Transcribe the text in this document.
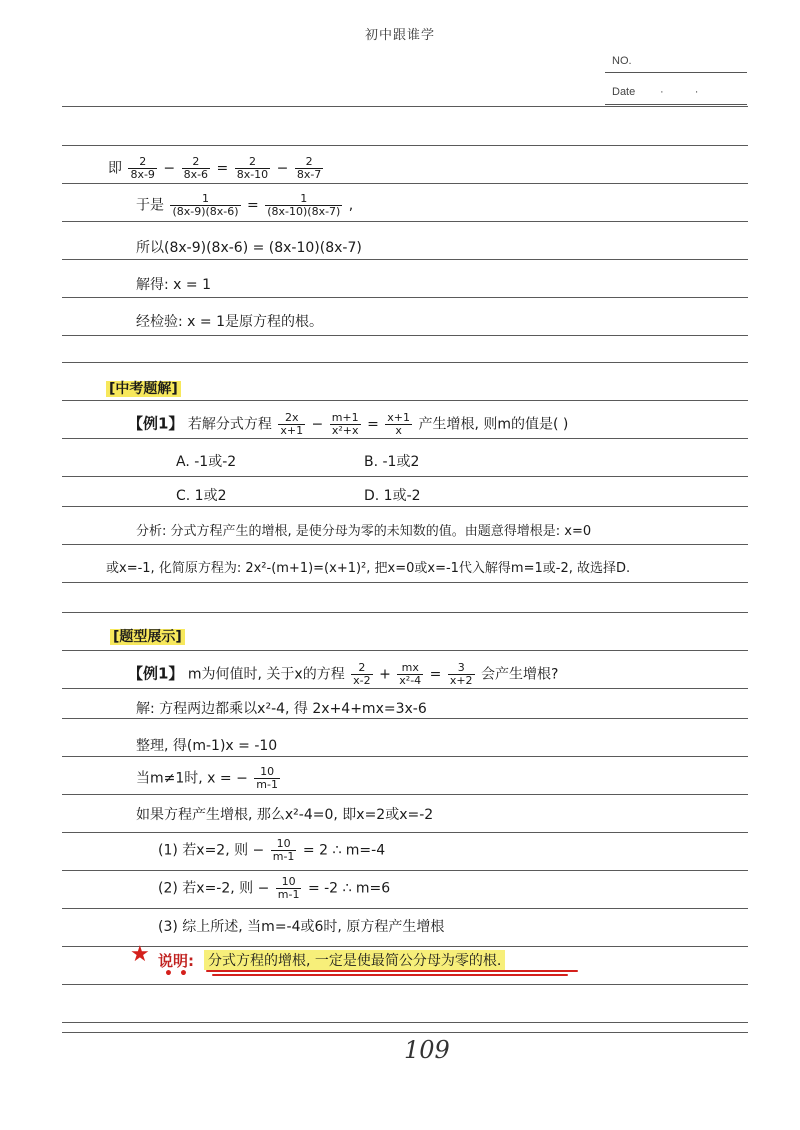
初中跟谁学
NO.
Date · ·
即 $\frac{2}{8x-9} - \frac{2}{8x-6} = \frac{2}{8x-10} - \frac{2}{8x-7}$
于是 $\frac{1}{(8x-9)(8x-6)} = \frac{1}{(8x-10)(8x-7)}$ ,
所以(8x-9)(8x-6) = (8x-10)(8x-7)
解得: x = 1
经检验: x = 1是原方程的根。
[中考题解]
【例1】 若解分式方程 $\frac{2x}{x+1} - \frac{m+1}{\text{x²+x}} = \frac{x+1}{x}$ 产生增根, 则m的值是( )
A. -1或-2	B. -1或2
C. 1或2	D. 1或-2
分析: 分式方程产生的增根, 是使分母为零的未知数的值。由题意得增根是: x=0
或x=-1, 化简原方程为: 2x²-(m+1)=(x+1)², 把x=0或x=-1代入解得m=1或-2, 故选择D.
[题型展示]
【例1】 m为何值时, 关于x的方程 $\frac{2}{x-2} + \frac{mx}{\text{x²-4}} = \frac{3}{x+2}$ 会产生增根?
解: 方程两边都乘以x²-4, 得 2x+4+mx=3x-6
整理, 得(m-1)x = -10
当m≠1时, x = − $\frac{10}{m-1}$
如果方程产生增根, 那么x²-4=0, 即x=2或x=-2
(1) 若x=2, 则 − $\frac{10}{m-1} = 2$ ∴ m=-4
(2) 若x=-2, 则 − $\frac{10}{m-1} = -2$ ∴ m=6
(3) 综上所述, 当m=-4或6时, 原方程产生增根
★
••
说明: 分式方程的增根, 一定是使最简公分母为零的根.
109
